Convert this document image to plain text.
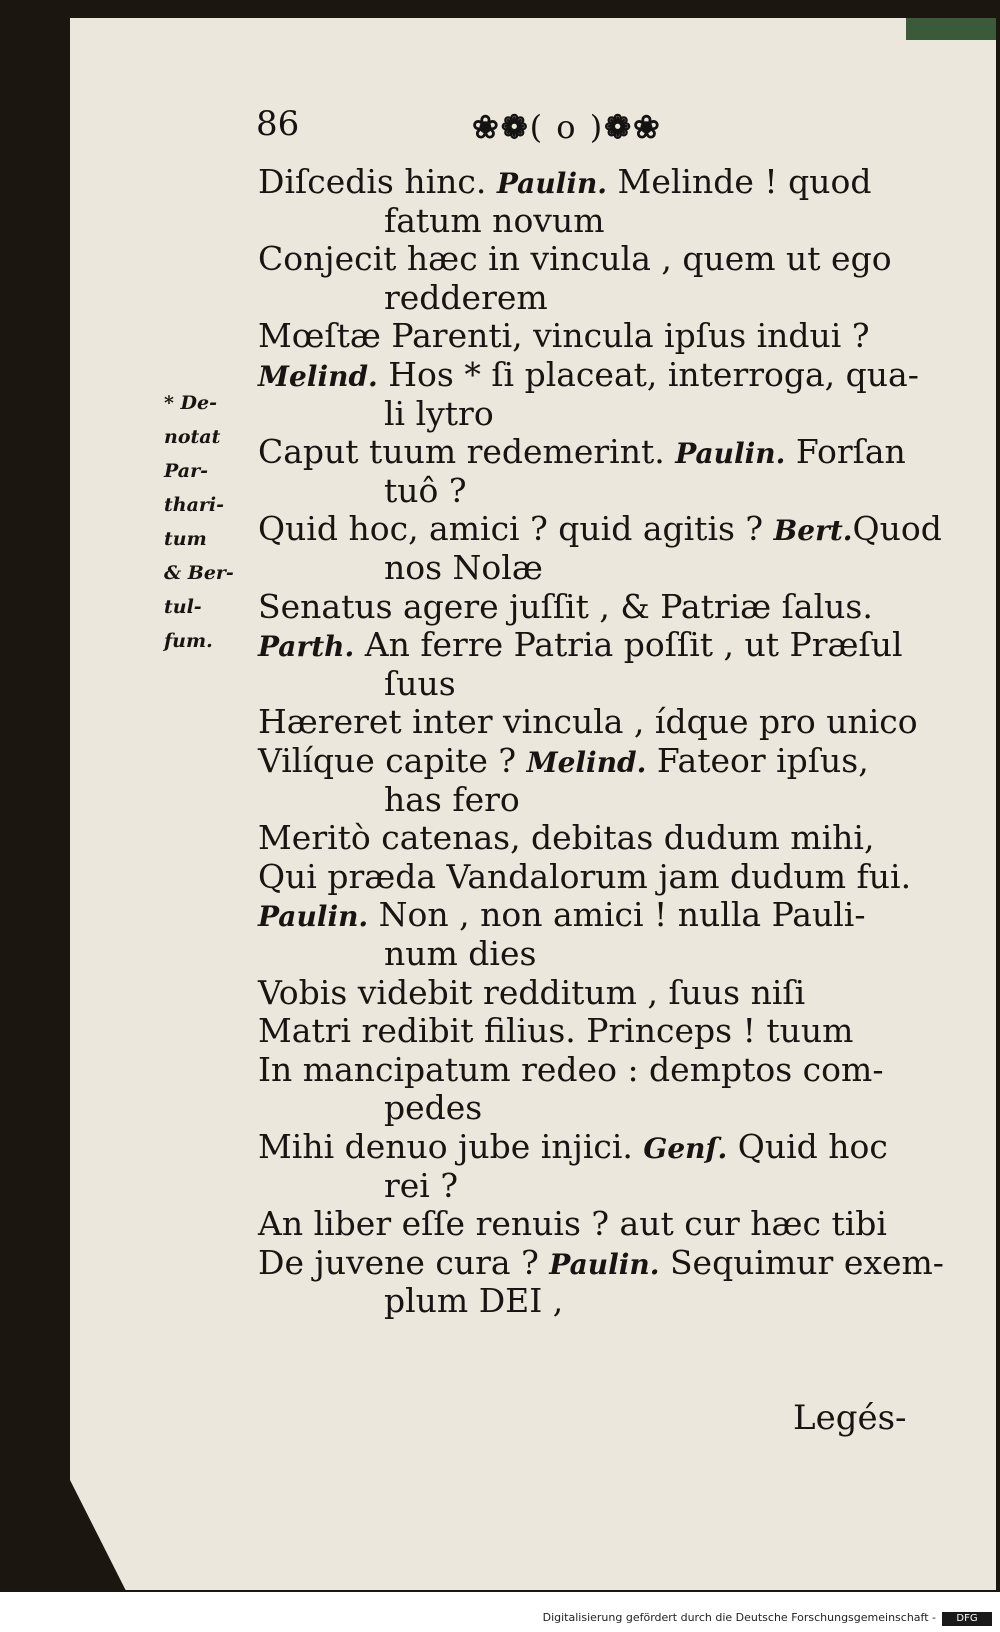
86	❀❁( o )❁❀
* De-
notat
Par-
thari-
tum
& Ber-
tul-
fum.
Diſcedis hinc. Paulin. Melinde ! quod
fatum novum
Conjecit hæc in vincula , quem ut ego
redderem
Mœſtæ Parenti, vincula ipſus indui ?
Melind. Hos * ſi placeat, interroga, qua-
li lytro
Caput tuum redemerint. Paulin. Forſan
tuô ?
Quid hoc, amici ? quid agitis ? Bert.Quod
nos Nolæ
Senatus agere juſſit , & Patriæ ſalus.
Parth. An ferre Patria poſſit , ut Præſul
ſuus
Hæreret inter vincula , ídque pro unico
Vilíque capite ? Melind. Fateor ipſus,
has fero
Meritò catenas, debitas dudum mihi,
Qui præda Vandalorum jam dudum fui.
Paulin. Non , non amici ! nulla Pauli-
num dies
Vobis videbit redditum , ſuus niſi
Matri redibit filius. Princeps ! tuum
In mancipatum redeo : demptos com-
pedes
Mihi denuo jube injici. Genſ. Quid hoc
rei ?
An liber eſſe renuis ? aut cur hæc tibi
De juvene cura ? Paulin. Sequimur exem-
plum DEI ,
Legés-
Digitalisierung gefördert durch die Deutsche Forschungsgemeinschaft -	DFG
